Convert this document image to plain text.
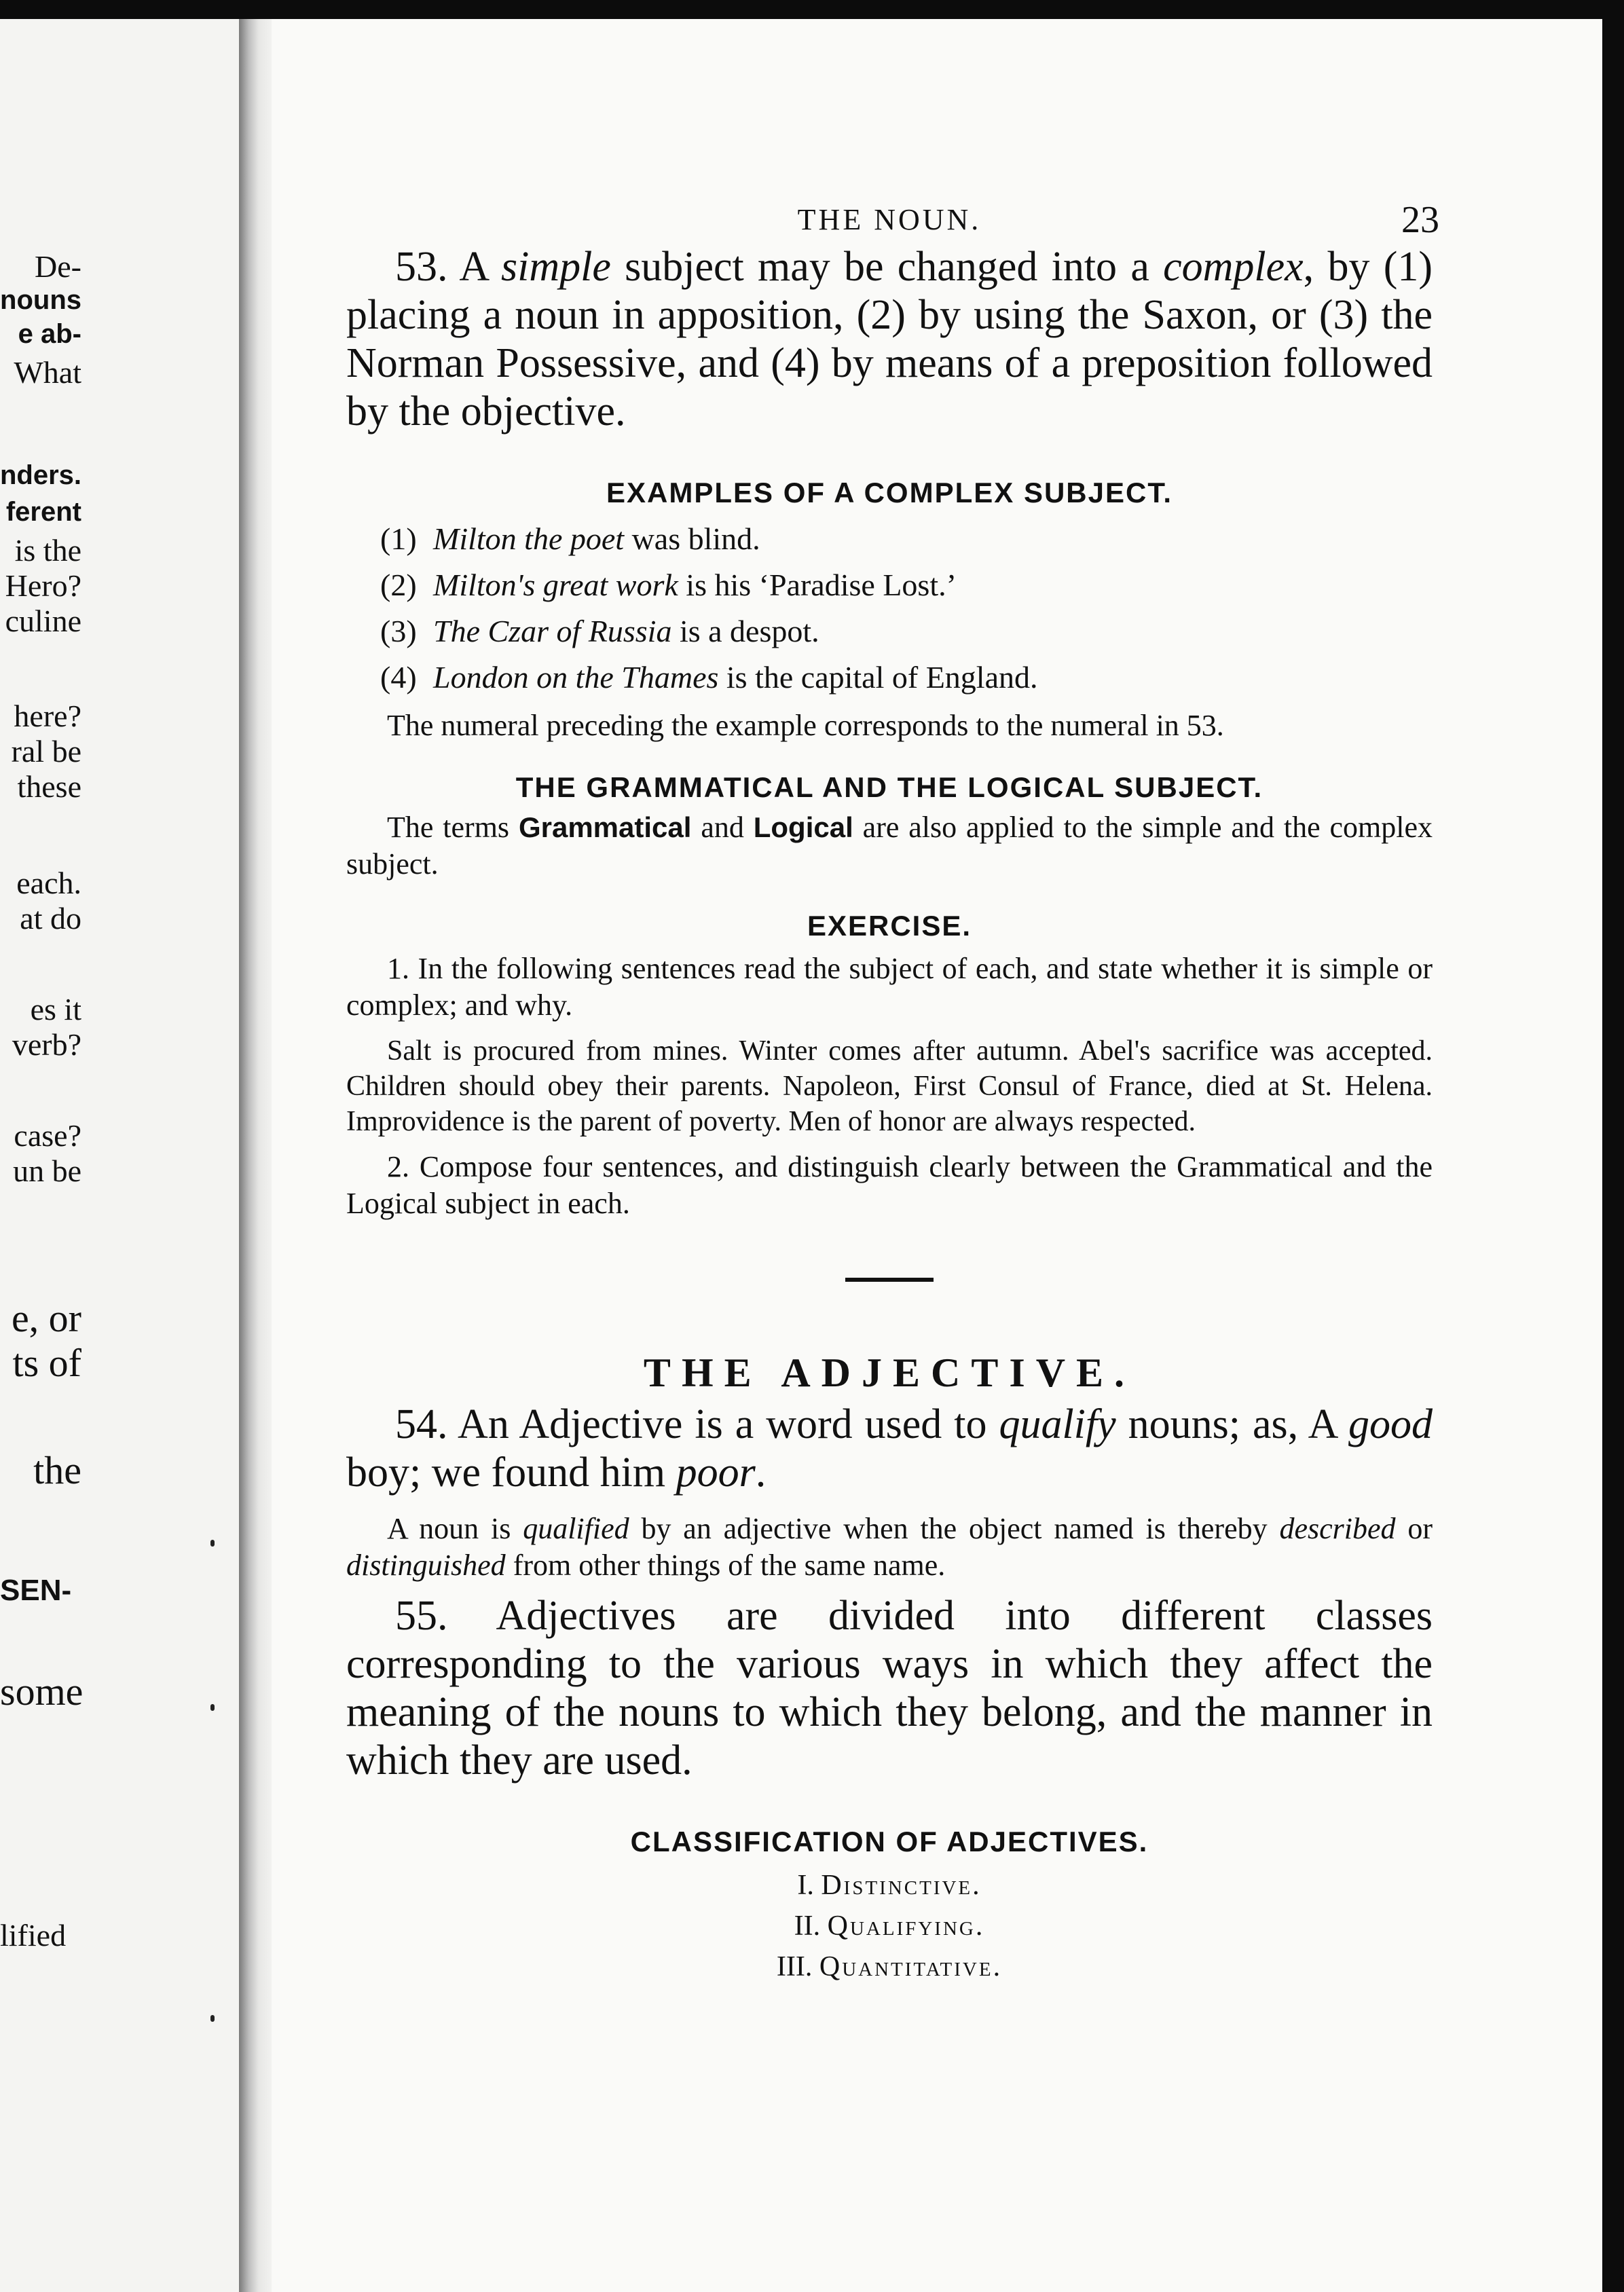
De-
nouns
e ab-
What
nders.
ferent
is the
Hero?
culine
here?
ral be
these
each.
at do
es it
verb?
case?
un be
e, or
ts of
the
SEN-
some
lified
THE NOUN.	23

53. A simple subject may be changed into a complex, by (1) placing a noun in apposition, (2) by using the Saxon, or (3) the Norman Possessive, and (4) by means of a preposition followed by the objective.

EXAMPLES OF A COMPLEX SUBJECT.

(1) Milton the poet was blind.
(2) Milton's great work is his ‘Paradise Lost.’
(3) The Czar of Russia is a despot.
(4) London on the Thames is the capital of England.

The numeral preceding the example corresponds to the numeral in 53.

THE GRAMMATICAL AND THE LOGICAL SUBJECT.

The terms Grammatical and Logical are also applied to the simple and the complex subject.

EXERCISE.

1. In the following sentences read the subject of each, and state whether it is simple or complex; and why.

Salt is procured from mines. Winter comes after autumn. Abel's sacrifice was accepted. Children should obey their parents. Napoleon, First Consul of France, died at St. Helena. Improvidence is the parent of poverty. Men of honor are always respected.

2. Compose four sentences, and distinguish clearly between the Grammatical and the Logical subject in each.

THE ADJECTIVE.

54. An Adjective is a word used to qualify nouns; as, A good boy; we found him poor.

A noun is qualified by an adjective when the object named is thereby described or distinguished from other things of the same name.

55. Adjectives are divided into different classes corresponding to the various ways in which they affect the meaning of the nouns to which they belong, and the manner in which they are used.

CLASSIFICATION OF ADJECTIVES.

I. Distinctive.
II. Qualifying.
III. Quantitative.
